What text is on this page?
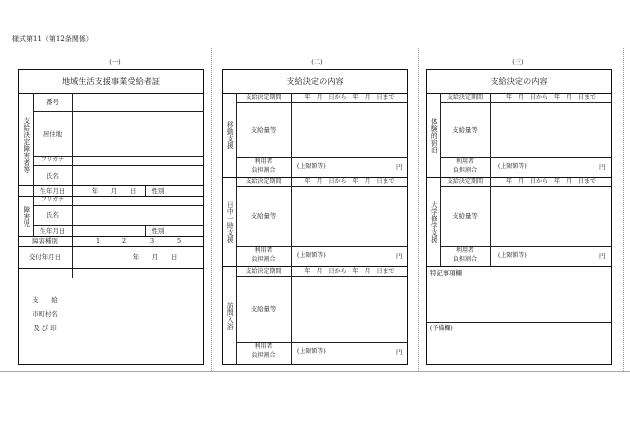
様式第11（第12条関係）
(一)	(二)	(三)
地域生活支援事業受給者証
支給決定障害者等
障害児
番号
居住地
フリガナ
氏名
生年月日	年　　月　　日	性別
フリガナ
氏名
生年月日	性別
障害種別	1	2	3	5
交付年月日	年　　月　　日
支　　給
市町村名
及 び 印
支給決定の内容
移動支援
支給決定期間	年　月　日から　年　月　日まで
支給量等
利用者
負担割合
(上限額等)	円
日中一時支援
支給決定期間	年　月　日から　年　月　日まで
支給量等
利用者
負担割合
(上限額等)	円
訪問入浴
支給決定期間	年　月　日から　年　月　日まで
支給量等
利用者
負担割合
(上限額等)	円
支給決定の内容
体験的宿泊
支給決定期間	年　月　日から　年　月　日まで
支給量等
利用者
負担割合
(上限額等)	円
大学修学支援
支給決定期間	年　月　日から　年　月　日まで
支給量等
利用者
負担割合
(上限額等)	円
特記事項欄
(予備欄)
